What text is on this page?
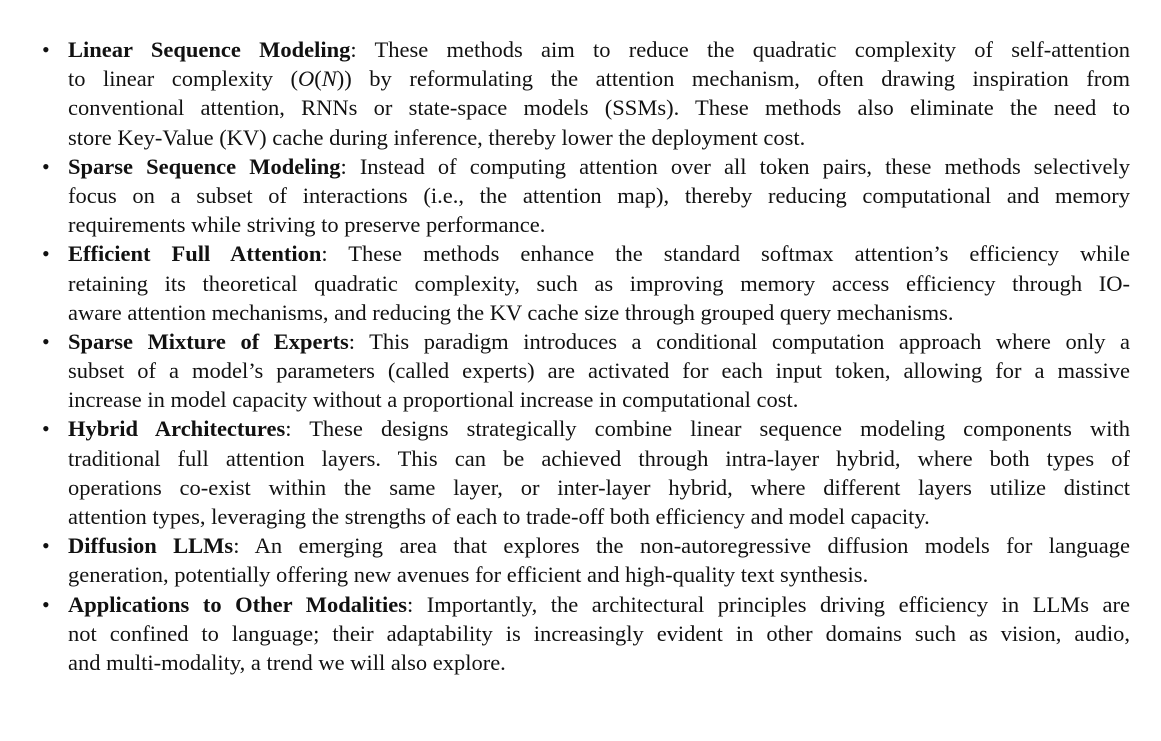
• Linear Sequence Modeling: These methods aim to reduce the quadratic complexity of self-attention
to linear complexity (O(N)) by reformulating the attention mechanism, often drawing inspiration from
conventional attention, RNNs or state-space models (SSMs). These methods also eliminate the need to
store Key-Value (KV) cache during inference, thereby lower the deployment cost.
• Sparse Sequence Modeling: Instead of computing attention over all token pairs, these methods selectively
focus on a subset of interactions (i.e., the attention map), thereby reducing computational and memory
requirements while striving to preserve performance.
• Efficient Full Attention: These methods enhance the standard softmax attention’s efficiency while
retaining its theoretical quadratic complexity, such as improving memory access efficiency through IO-
aware attention mechanisms, and reducing the KV cache size through grouped query mechanisms.
• Sparse Mixture of Experts: This paradigm introduces a conditional computation approach where only a
subset of a model’s parameters (called experts) are activated for each input token, allowing for a massive
increase in model capacity without a proportional increase in computational cost.
• Hybrid Architectures: These designs strategically combine linear sequence modeling components with
traditional full attention layers. This can be achieved through intra-layer hybrid, where both types of
operations co-exist within the same layer, or inter-layer hybrid, where different layers utilize distinct
attention types, leveraging the strengths of each to trade-off both efficiency and model capacity.
• Diffusion LLMs: An emerging area that explores the non-autoregressive diffusion models for language
generation, potentially offering new avenues for efficient and high-quality text synthesis.
• Applications to Other Modalities: Importantly, the architectural principles driving efficiency in LLMs are
not confined to language; their adaptability is increasingly evident in other domains such as vision, audio,
and multi-modality, a trend we will also explore.
